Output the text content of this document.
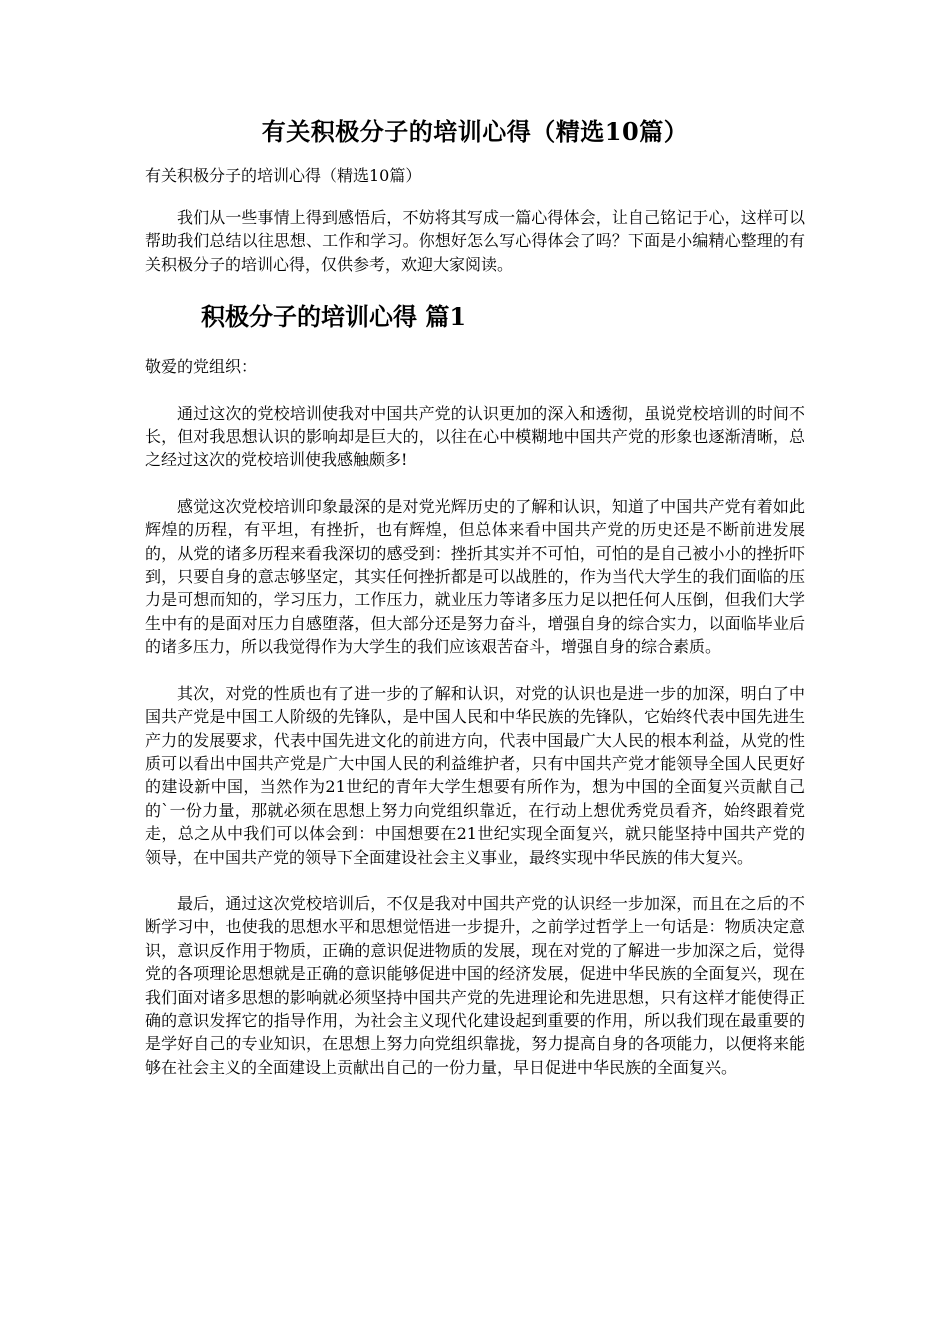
有关积极分子的培训心得（精选10篇）

有关积极分子的培训心得（精选10篇）

我们从一些事情上得到感悟后，不妨将其写成一篇心得体会，让自己铭记于心，这样可以帮助我们总结以往思想、工作和学习。你想好怎么写心得体会了吗？下面是小编精心整理的有关积极分子的培训心得，仅供参考，欢迎大家阅读。

积极分子的培训心得 篇1

敬爱的党组织：

通过这次的党校培训使我对中国共产党的认识更加的深入和透彻，虽说党校培训的时间不长，但对我思想认识的影响却是巨大的，以往在心中模糊地中国共产党的形象也逐渐清晰，总之经过这次的党校培训使我感触颇多!

感觉这次党校培训印象最深的是对党光辉历史的了解和认识，知道了中国共产党有着如此辉煌的历程，有平坦，有挫折，也有辉煌，但总体来看中国共产党的历史还是不断前进发展的，从党的诸多历程来看我深切的感受到：挫折其实并不可怕，可怕的是自己被小小的挫折吓到，只要自身的意志够坚定，其实任何挫折都是可以战胜的，作为当代大学生的我们面临的压力是可想而知的，学习压力，工作压力，就业压力等诸多压力足以把任何人压倒，但我们大学生中有的是面对压力自感堕落，但大部分还是努力奋斗，增强自身的综合实力，以面临毕业后的诸多压力，所以我觉得作为大学生的我们应该艰苦奋斗，增强自身的综合素质。

其次，对党的性质也有了进一步的了解和认识，对党的认识也是进一步的加深，明白了中国共产党是中国工人阶级的先锋队，是中国人民和中华民族的先锋队，它始终代表中国先进生产力的发展要求，代表中国先进文化的前进方向，代表中国最广大人民的根本利益，从党的性质可以看出中国共产党是广大中国人民的利益维护者，只有中国共产党才能领导全国人民更好的建设新中国，当然作为21世纪的青年大学生想要有所作为，想为中国的全面复兴贡献自己的`一份力量，那就必须在思想上努力向党组织靠近，在行动上想优秀党员看齐，始终跟着党走，总之从中我们可以体会到：中国想要在21世纪实现全面复兴，就只能坚持中国共产党的领导，在中国共产党的领导下全面建设社会主义事业，最终实现中华民族的伟大复兴。

最后，通过这次党校培训后，不仅是我对中国共产党的认识经一步加深，而且在之后的不断学习中，也使我的思想水平和思想觉悟进一步提升，之前学过哲学上一句话是：物质决定意识，意识反作用于物质，正确的意识促进物质的发展，现在对党的了解进一步加深之后，觉得党的各项理论思想就是正确的意识能够促进中国的经济发展，促进中华民族的全面复兴，现在我们面对诸多思想的影响就必须坚持中国共产党的先进理论和先进思想，只有这样才能使得正确的意识发挥它的指导作用，为社会主义现代化建设起到重要的作用，所以我们现在最重要的是学好自己的专业知识，在思想上努力向党组织靠拢，努力提高自身的各项能力，以便将来能够在社会主义的全面建设上贡献出自己的一份力量，早日促进中华民族的全面复兴。
